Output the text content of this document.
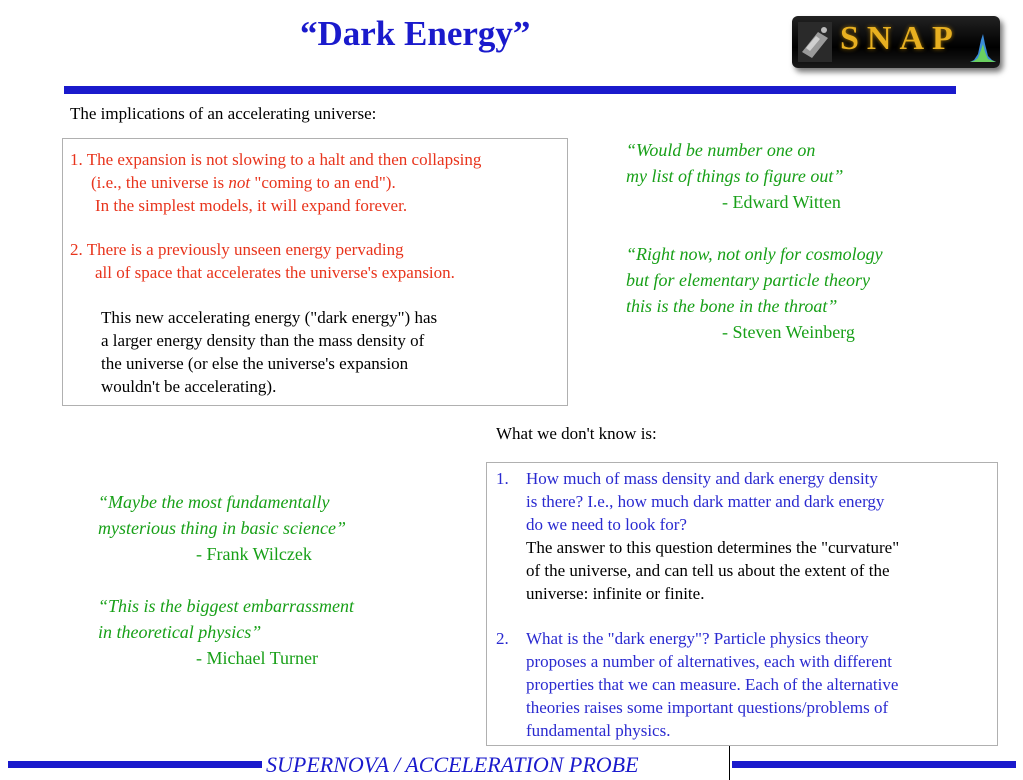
“Dark Energy”	SNAP
The implications of an accelerating universe:
1. The expansion is not slowing to a halt and then collapsing
(i.e., the universe is not "coming to an end").
In the simplest models, it will expand forever.
2. There is a previously unseen energy pervading
all of space that accelerates the universe's expansion.
This new accelerating energy ("dark energy") has
a larger energy density than the mass density of
the universe (or else the universe's expansion
wouldn't be accelerating).
“Would be number one on
my list of things to figure out”
- Edward Witten
“Right now, not only for cosmology
but for elementary particle theory
this is the bone in the throat”
- Steven Weinberg
“Maybe the most fundamentally
mysterious thing in basic science”
- Frank Wilczek
“This is the biggest embarrassment
in theoretical physics”
- Michael Turner
What we don't know is:
1. How much of mass density and dark energy density
is there? I.e., how much dark matter and dark energy
do we need to look for?
The answer to this question determines the "curvature"
of the universe, and can tell us about the extent of the
universe: infinite or finite.
2. What is the "dark energy"? Particle physics theory
proposes a number of alternatives, each with different
properties that we can measure. Each of the alternative
theories raises some important questions/problems of
fundamental physics.
SUPERNOVA / ACCELERATION PROBE
